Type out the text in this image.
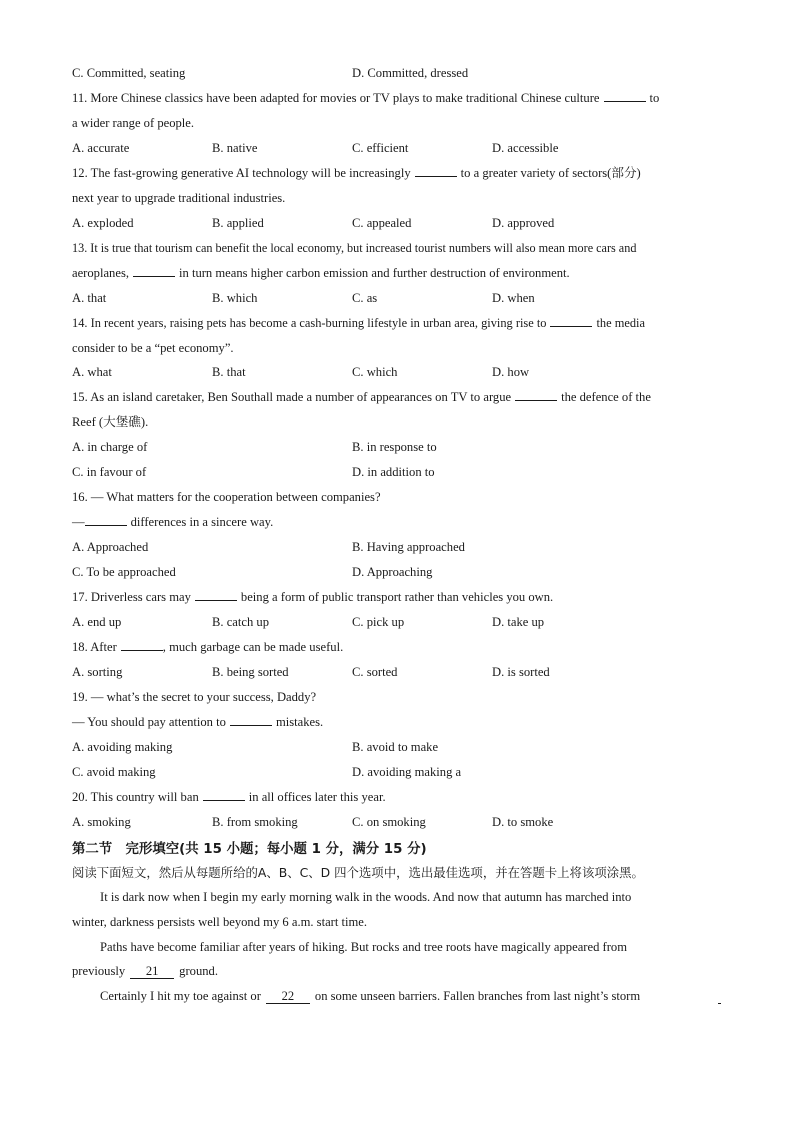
C. Committed, seating	D. Committed, dressed
11. More Chinese classics have been adapted for movies or TV plays to make traditional Chinese culture	to
a wider range of people.
A. accurate	B. native	C. efficient	D. accessible
12. The fast-growing generative AI technology will be increasingly	to a greater variety of sectors(部分)
next year to upgrade traditional industries.
A. exploded	B. applied	C. appealed	D. approved
13. It is true that tourism can benefit the local economy, but increased tourist numbers will also mean more cars and
aeroplanes,	in turn means higher carbon emission and further destruction of environment.
A. that	B. which	C. as	D. when
14. In recent years, raising pets has become a cash-burning lifestyle in urban area, giving rise to	the media
consider to be a “pet economy”.
A. what	B. that	C. which	D. how
15. As an island caretaker, Ben Southall made a number of appearances on TV to argue	the defence of the
Reef (大堡礁).
A. in charge of	B. in response to
C. in favour of	D. in addition to
16. — What matters for the cooperation between companies?
—	differences in a sincere way.
A. Approached	B. Having approached
C. To be approached	D. Approaching
17. Driverless cars may	being a form of public transport rather than vehicles you own.
A. end up	B. catch up	C. pick up	D. take up
18. After	, much garbage can be made useful.
A. sorting	B. being sorted	C. sorted	D. is sorted
19. — what’s the secret to your success, Daddy?
— You should pay attention to	mistakes.
A. avoiding making	B. avoid to make
C. avoid making	D. avoiding making a
20. This country will ban	in all offices later this year.
A. smoking	B. from smoking	C. on smoking	D. to smoke
第二节　完形填空(共 15 小题；每小题 1 分，满分 15 分)
阅读下面短文，然后从每题所给的A、B、C、D 四个选项中，选出最佳选项，并在答题卡上将该项涂黑。
It is dark now when I begin my early morning walk in the woods. And now that autumn has marched into
winter, darkness persists well beyond my 6 a.m. start time.
Paths have become familiar after years of hiking. But rocks and tree roots have magically appeared from
previously 21 ground.
Certainly I hit my toe against or 22 on some unseen barriers. Fallen branches from last night’s storm
